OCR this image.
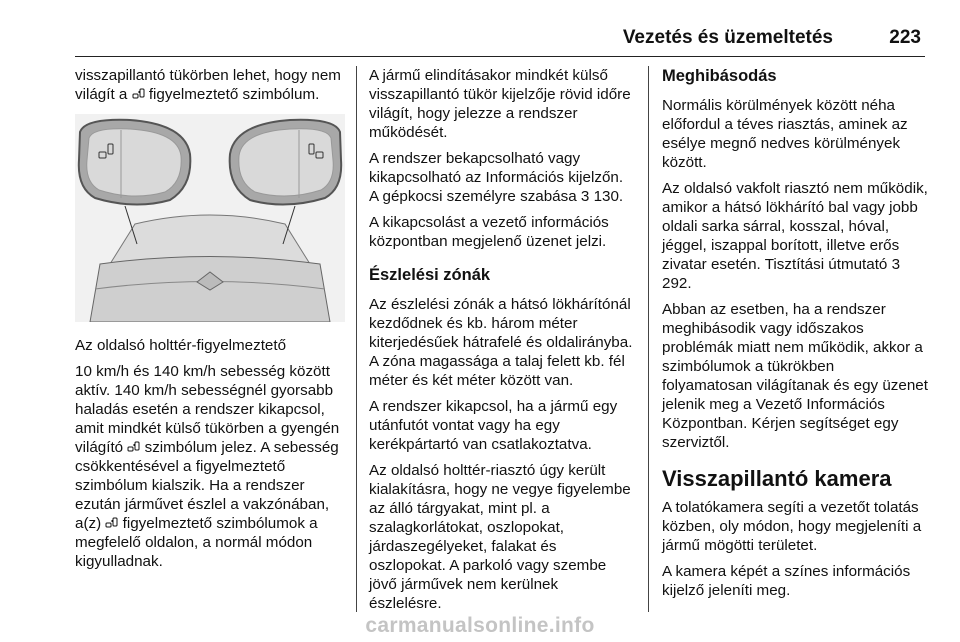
Vezetés és üzemeltetés	223

visszapillantó tükörben lehet, hogy nem világít a figyelmeztető szimbólum.

Az oldalsó holttér-figyelmeztető

10 km/h és 140 km/h sebesség között aktív. 140 km/h sebességnél gyorsabb haladás esetén a rendszer kikapcsol, amit mindkét külső tükörben a gyengén világító szimbólum jelez. A sebesség csökkentésével a figyelmeztető szimbólum kialszik. Ha a rendszer ezután járművet észlel a vakzónában, a(z) figyelmeztető szimbólumok a megfelelő oldalon, a normál módon kigyulladnak.

A jármű elindításakor mindkét külső visszapillantó tükör kijelzője rövid időre világít, hogy jelezze a rendszer működését.

A rendszer bekapcsolható vagy kikapcsolható az Információs kijelzőn. A gépkocsi személyre szabása 3 130.

A kikapcsolást a vezető információs központban megjelenő üzenet jelzi.

Észlelési zónák

Az észlelési zónák a hátsó lökhárítónál kezdődnek és kb. három méter kiterjedésűek hátrafelé és oldalirányba. A zóna magassága a talaj felett kb. fél méter és két méter között van.

A rendszer kikapcsol, ha a jármű egy utánfutót vontat vagy ha egy kerékpártartó van csatlakoztatva.

Az oldalsó holttér-riasztó úgy került kialakításra, hogy ne vegye figyelembe az álló tárgyakat, mint pl. a szalagkorlátokat, oszlopokat, járdaszegélyeket, falakat és oszlopokat. A parkoló vagy szembe jövő járművek nem kerülnek észlelésre.

Meghibásodás

Normális körülmények között néha előfordul a téves riasztás, aminek az esélye megnő nedves körülmények között.

Az oldalsó vakfolt riasztó nem működik, amikor a hátsó lökhárító bal vagy jobb oldali sarka sárral, kosszal, hóval, jéggel, iszappal borított, illetve erős zivatar esetén. Tisztítási útmutató 3 292.

Abban az esetben, ha a rendszer meghibásodik vagy időszakos problémák miatt nem működik, akkor a szimbólumok a tükrökben folyamatosan világítanak és egy üzenet jelenik meg a Vezető Információs Központban. Kérjen segítséget egy szerviztől.

Visszapillantó kamera

A tolatókamera segíti a vezetőt tolatás közben, oly módon, hogy megjeleníti a jármű mögötti területet.

A kamera képét a színes információs kijelző jeleníti meg.

carmanualsonline.info
